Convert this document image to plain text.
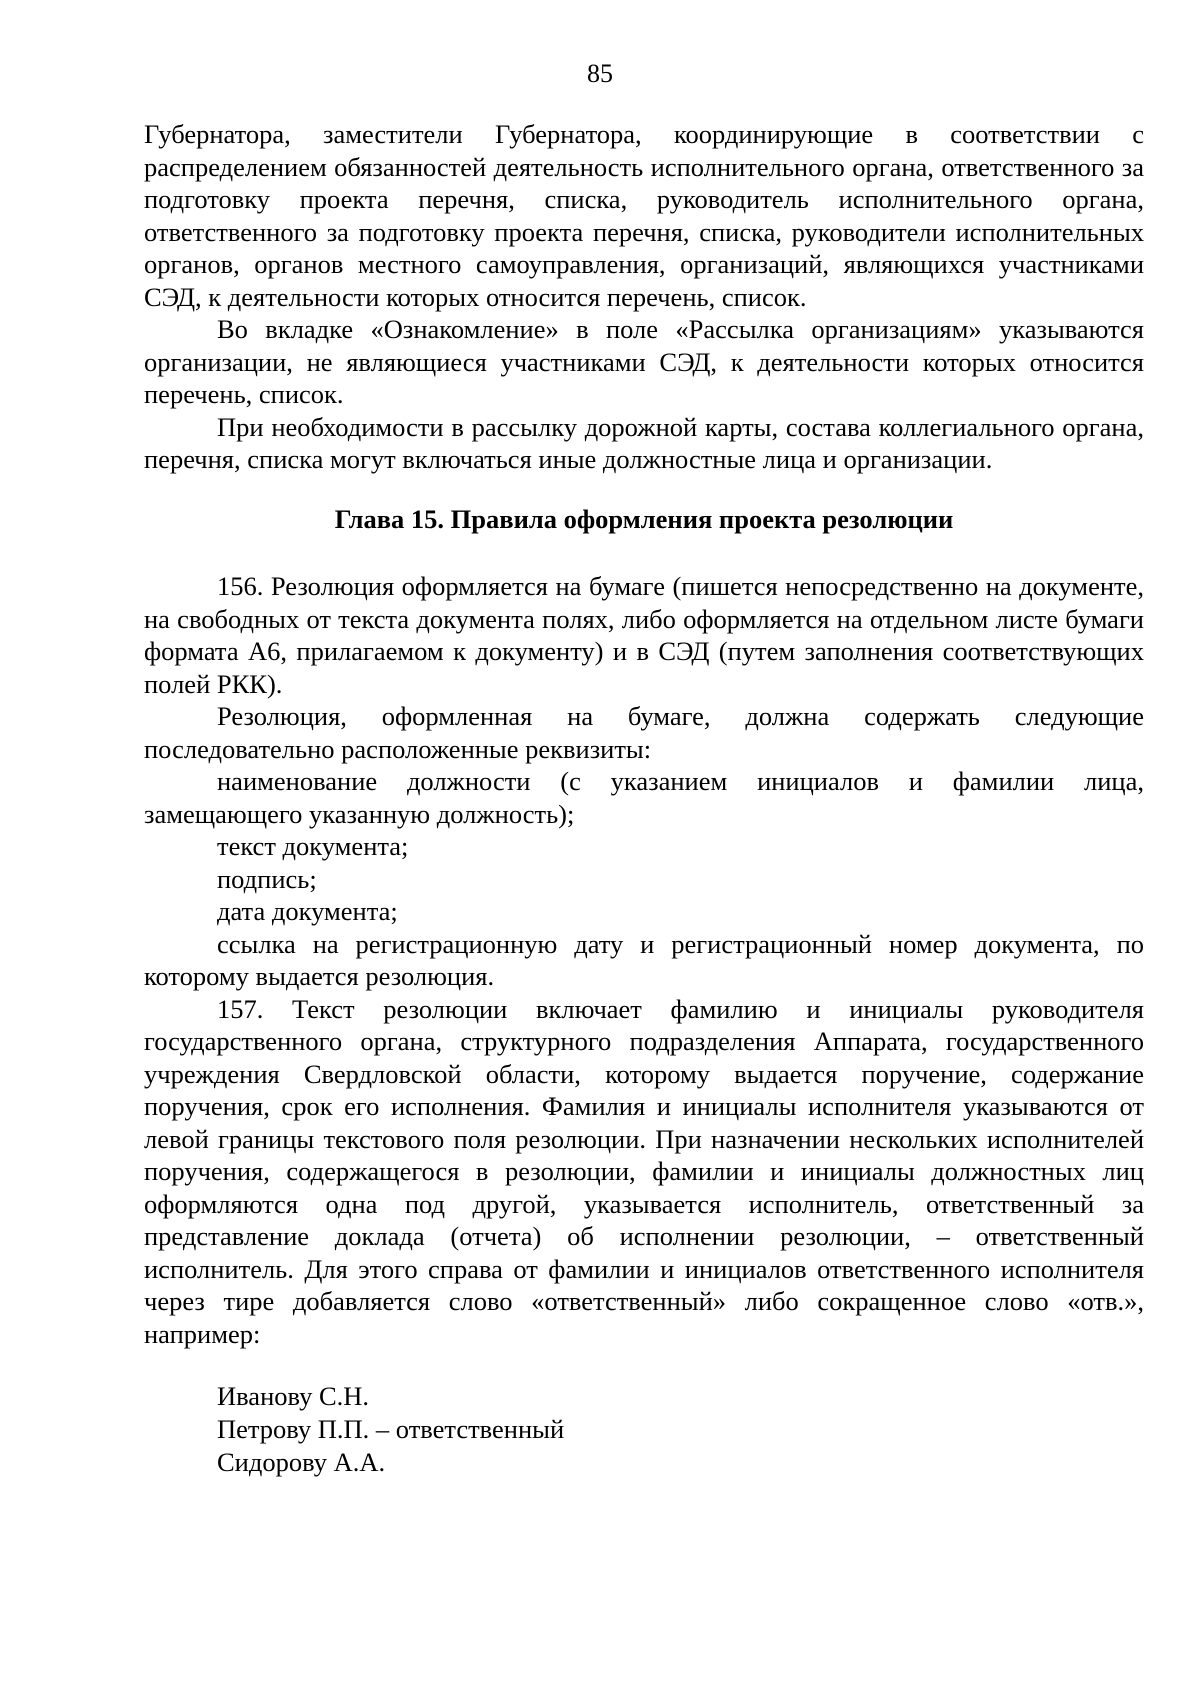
85

Губернатора, заместители Губернатора, координирующие в соответствии с распределением обязанностей деятельность исполнительного органа, ответственного за подготовку проекта перечня, списка, руководитель исполнительного органа, ответственного за подготовку проекта перечня, списка, руководители исполнительных органов, органов местного самоуправления, организаций, являющихся участниками СЭД, к деятельности которых относится перечень, список.

Во вкладке «Ознакомление» в поле «Рассылка организациям» указываются организации, не являющиеся участниками СЭД, к деятельности которых относится перечень, список.

При необходимости в рассылку дорожной карты, состава коллегиального органа, перечня, списка могут включаться иные должностные лица и организации.

Глава 15. Правила оформления проекта резолюции

156. Резолюция оформляется на бумаге (пишется непосредственно на документе, на свободных от текста документа полях, либо оформляется на отдельном листе бумаги формата А6, прилагаемом к документу) и в СЭД (путем заполнения соответствующих полей РКК).

Резолюция, оформленная на бумаге, должна содержать следующие последовательно расположенные реквизиты:

наименование должности (с указанием инициалов и фамилии лица, замещающего указанную должность);

текст документа;

подпись;

дата документа;

ссылка на регистрационную дату и регистрационный номер документа, по которому выдается резолюция.

157. Текст резолюции включает фамилию и инициалы руководителя государственного органа, структурного подразделения Аппарата, государственного учреждения Свердловской области, которому выдается поручение, содержание поручения, срок его исполнения. Фамилия и инициалы исполнителя указываются от левой границы текстового поля резолюции. При назначении нескольких исполнителей поручения, содержащегося в резолюции, фамилии и инициалы должностных лиц оформляются одна под другой, указывается исполнитель, ответственный за представление доклада (отчета) об исполнении резолюции, – ответственный исполнитель. Для этого справа от фамилии и инициалов ответственного исполнителя через тире добавляется слово «ответственный» либо сокращенное слово «отв.», например:

Иванову С.Н.
Петрову П.П. – ответственный
Сидорову А.А.
